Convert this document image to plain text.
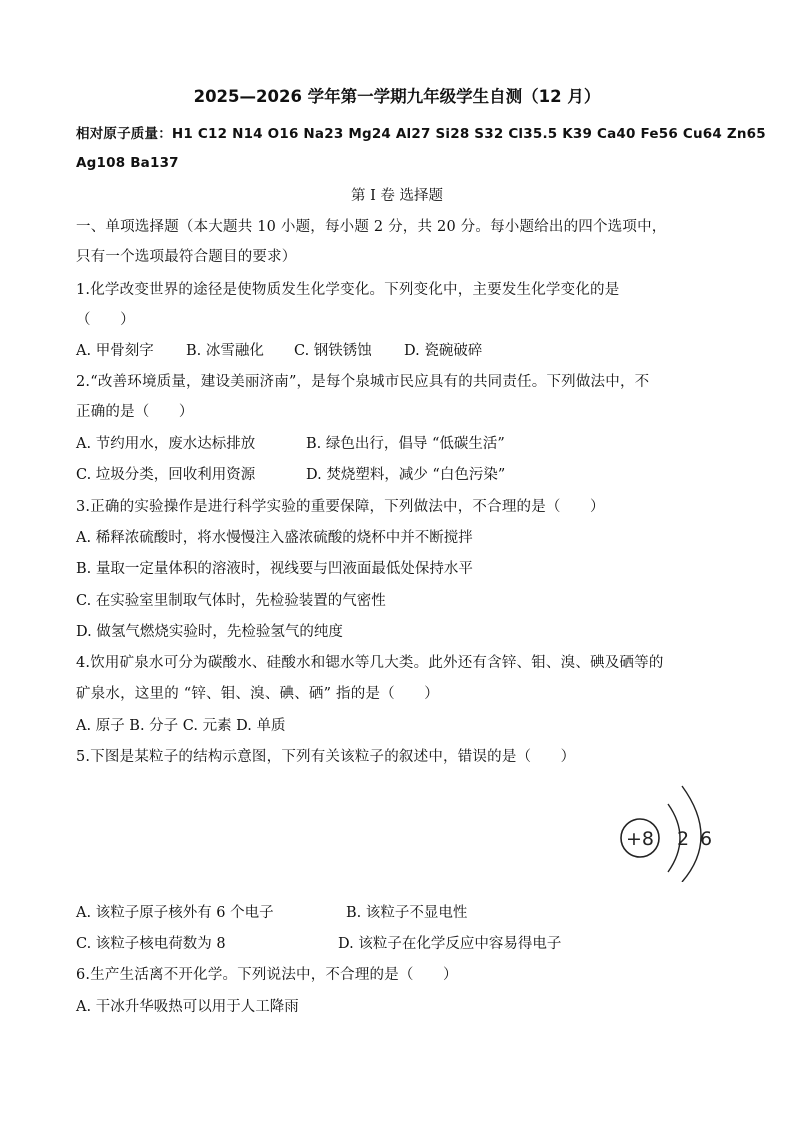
2025—2026 学年第一学期九年级学生自测（12 月）
相对原子质量：H1 C12 N14 O16 Na23 Mg24 Al27 Si28 S32 Cl35.5 K39 Ca40 Fe56 Cu64 Zn65
Ag108 Ba137
第 Ⅰ 卷 选择题
一、单项选择题（本大题共 10 小题，每小题 2 分，共 20 分。每小题给出的四个选项中，
只有一个选项最符合题目的要求）
1.化学改变世界的途径是使物质发生化学变化。下列变化中，主要发生化学变化的是
（　　）
A. 甲骨刻字 B. 冰雪融化 C. 钢铁锈蚀 D. 瓷碗破碎
2.“改善环境质量，建设美丽济南”，是每个泉城市民应具有的共同责任。下列做法中，不
正确的是（　　）
A. 节约用水，废水达标排放	B. 绿色出行，倡导 “低碳生活”
C. 垃圾分类，回收利用资源	D. 焚烧塑料，减少 “白色污染”
3.正确的实验操作是进行科学实验的重要保障，下列做法中，不合理的是（　　）
A. 稀释浓硫酸时，将水慢慢注入盛浓硫酸的烧杯中并不断搅拌
B. 量取一定量体积的溶液时，视线要与凹液面最低处保持水平
C. 在实验室里制取气体时，先检验装置的气密性
D. 做氢气燃烧实验时，先检验氢气的纯度
4.饮用矿泉水可分为碳酸水、硅酸水和锶水等几大类。此外还有含锌、钼、溴、碘及硒等的
矿泉水，这里的 “锌、钼、溴、碘、硒” 指的是（　　）
A. 原子 B. 分子 C. 元素 D. 单质
5.下图是某粒子的结构示意图，下列有关该粒子的叙述中，错误的是（　　）
+8 2 6
A. 该粒子原子核外有 6 个电子	B. 该粒子不显电性
C. 该粒子核电荷数为 8	D. 该粒子在化学反应中容易得电子
6.生产生活离不开化学。下列说法中，不合理的是（　　）
A. 干冰升华吸热可以用于人工降雨
